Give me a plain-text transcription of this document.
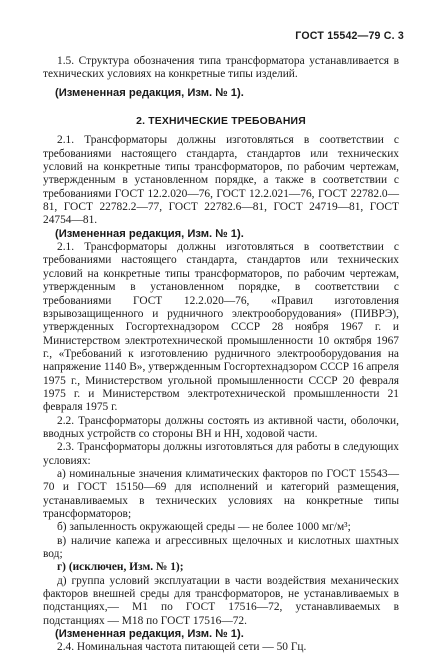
ГОСТ 15542—79 С. 3

1.5. Структура обозначения типа трансформатора устанавливается в технических условиях на конкретные типы изделий.

(Измененная редакция, Изм. № 1).

2. ТЕХНИЧЕСКИЕ ТРЕБОВАНИЯ

2.1. Трансформаторы должны изготовляться в соответствии с требованиями настоящего стандарта, стандартов или технических условий на конкретные типы трансформаторов, по рабочим чертежам, утвержденным в установленном порядке, а также в соответствии с требованиями ГОСТ 12.2.020—76, ГОСТ 12.2.021—76, ГОСТ 22782.0—81, ГОСТ 22782.2—77, ГОСТ 22782.6—81, ГОСТ 24719—81, ГОСТ 24754—81.

(Измененная редакция, Изм. № 1).

2.1. Трансформаторы должны изготовляться в соответствии с требованиями настоящего стандарта, стандартов или технических условий на конкретные типы трансформаторов, по рабочим чертежам, утвержденным в установленном порядке, в соответствии с требованиями ГОСТ 12.2.020—76, «Правил изготовления взрывозащищенного и рудничного электрооборудования» (ПИВРЭ), утвержденных Госгортехнадзором СССР 28 ноября 1967 г. и Министерством электротехнической промышленности 10 октября 1967 г., «Требований к изготовлению рудничного электрооборудования на напряжение 1140 В», утвержденным Госгортехнадзором СССР 16 апреля 1975 г., Министерством угольной промышленности СССР 20 февраля 1975 г. и Министерством электротехнической промышленности 21 февраля 1975 г.

2.2. Трансформаторы должны состоять из активной части, оболочки, вводных устройств со стороны ВН и НН, ходовой части.

2.3. Трансформаторы должны изготовляться для работы в следующих условиях:

а) номинальные значения климатических факторов по ГОСТ 15543—70 и ГОСТ 15150—69 для исполнений и категорий размещения, устанавливаемых в технических условиях на конкретные типы трансформаторов;

б) запыленность окружающей среды — не более 1000 мг/м³;

в) наличие капежа и агрессивных щелочных и кислотных шахтных вод;

г) (исключен, Изм. № 1);

д) группа условий эксплуатации в части воздействия механических факторов внешней среды для трансформаторов, не устанавливаемых в подстанциях,— М1 по ГОСТ 17516—72, устанавливаемых в подстанциях — М18 по ГОСТ 17516—72.

(Измененная редакция, Изм. № 1).

2.4. Номинальная частота питающей сети — 50 Гц.
